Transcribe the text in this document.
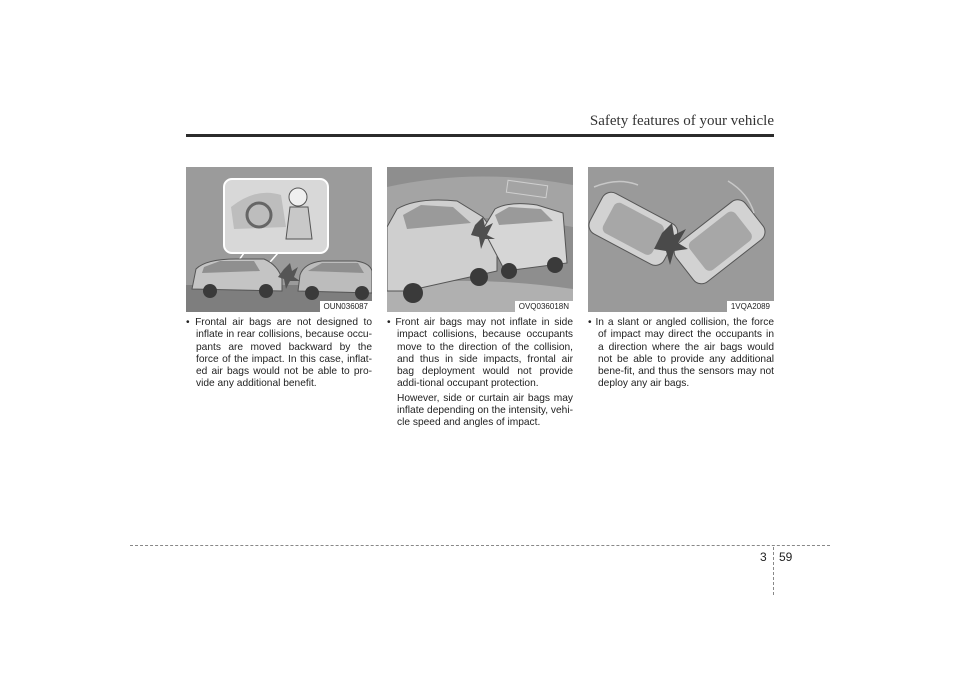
Safety features of your vehicle
OUN036087	OVQ036018N	1VQA2089

• Frontal air bags are not designed to inflate in rear collisions, because occu-pants are moved backward by the force of the impact. In this case, inflat-ed air bags would not be able to pro-vide any additional benefit.

• Front air bags may not inflate in side impact collisions, because occupants move to the direction of the collision, and thus in side impacts, frontal air bag deployment would not provide addi-tional occupant protection.

However, side or curtain air bags may inflate depending on the intensity, vehi-cle speed and angles of impact.

• In a slant or angled collision, the force of impact may direct the occupants in a direction where the air bags would not be able to provide any additional bene-fit, and thus the sensors may not deploy any air bags.

3 59
